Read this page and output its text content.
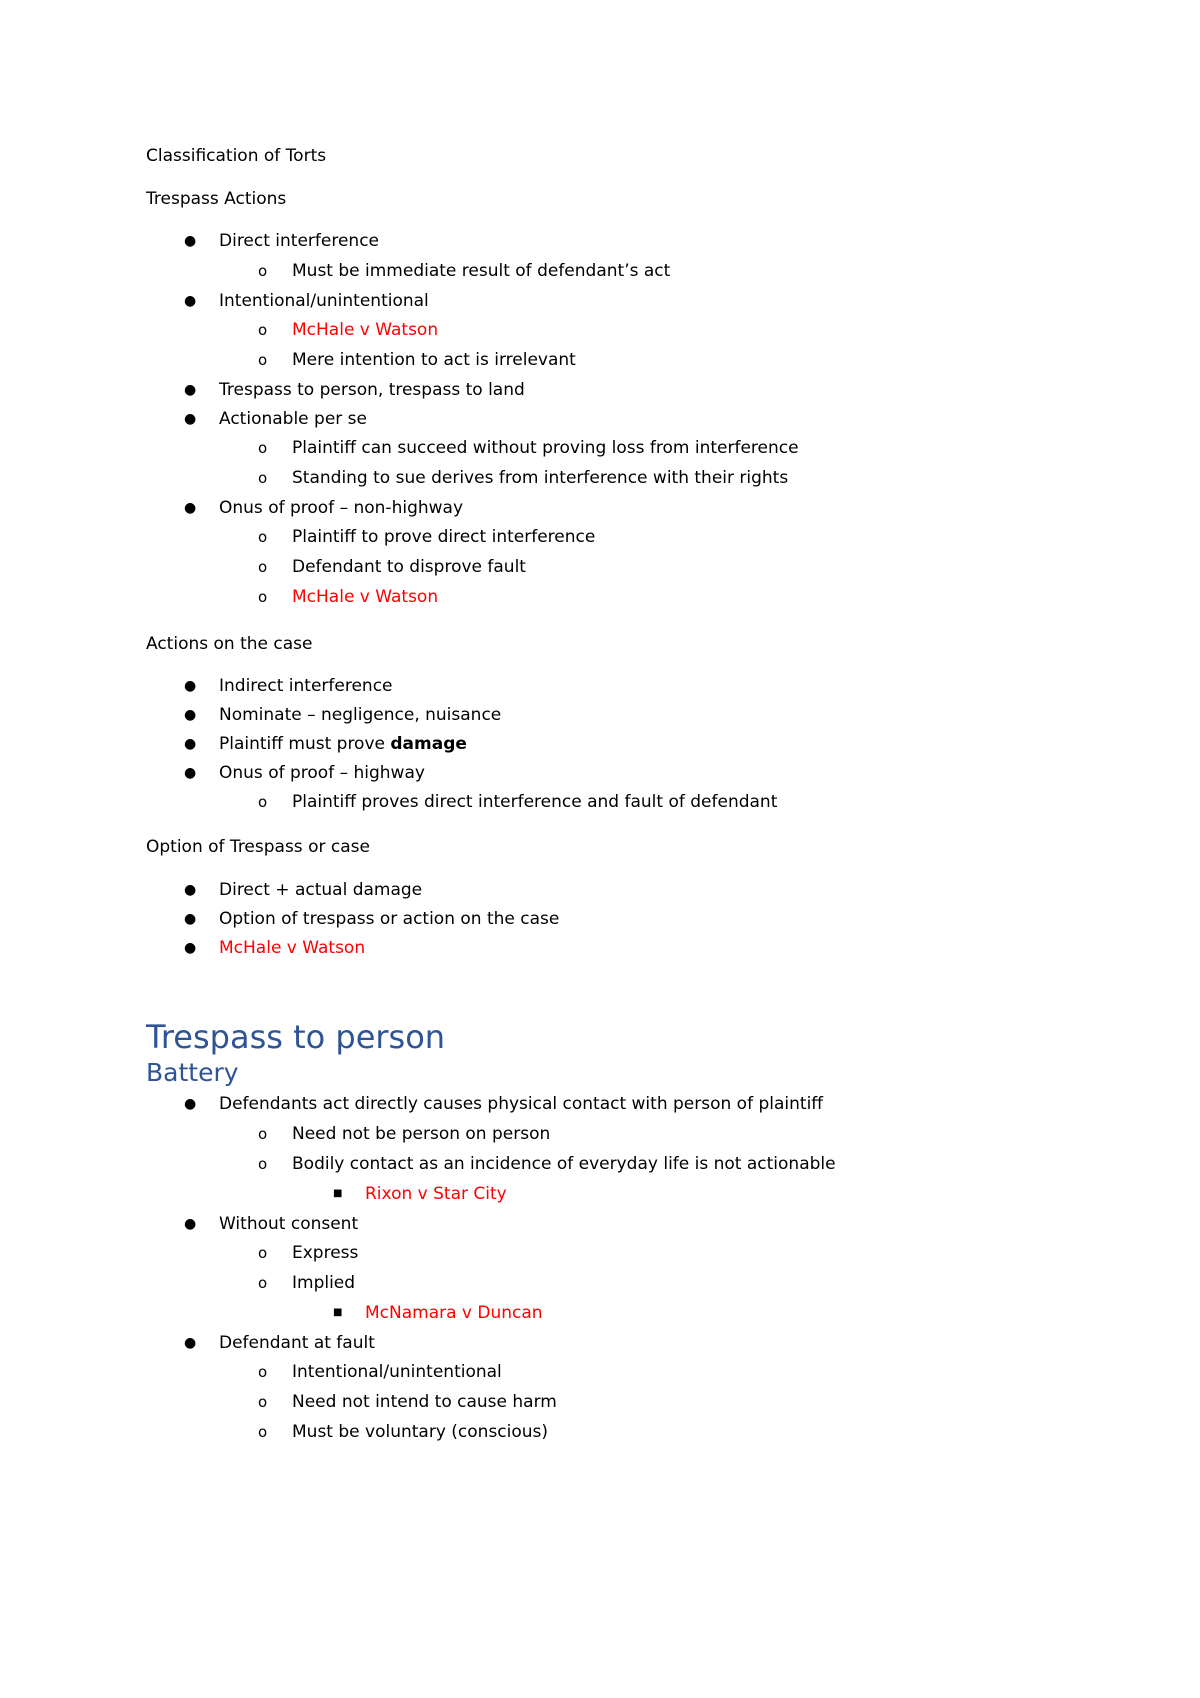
Classification of Torts
Trespass Actions
● Direct interference
o Must be immediate result of defendant’s act
● Intentional/unintentional
o McHale v Watson
o Mere intention to act is irrelevant
● Trespass to person, trespass to land
● Actionable per se
o Plaintiff can succeed without proving loss from interference
o Standing to sue derives from interference with their rights
● Onus of proof – non-highway
o Plaintiff to prove direct interference
o Defendant to disprove fault
o McHale v Watson
Actions on the case
● Indirect interference
● Nominate – negligence, nuisance
● Plaintiff must prove damage
● Onus of proof – highway
o Plaintiff proves direct interference and fault of defendant
Option of Trespass or case
● Direct + actual damage
● Option of trespass or action on the case
● McHale v Watson
Trespass to person
Battery
● Defendants act directly causes physical contact with person of plaintiff
o Need not be person on person
o Bodily contact as an incidence of everyday life is not actionable
■ Rixon v Star City
● Without consent
o Express
o Implied
■ McNamara v Duncan
● Defendant at fault
o Intentional/unintentional
o Need not intend to cause harm
o Must be voluntary (conscious)
